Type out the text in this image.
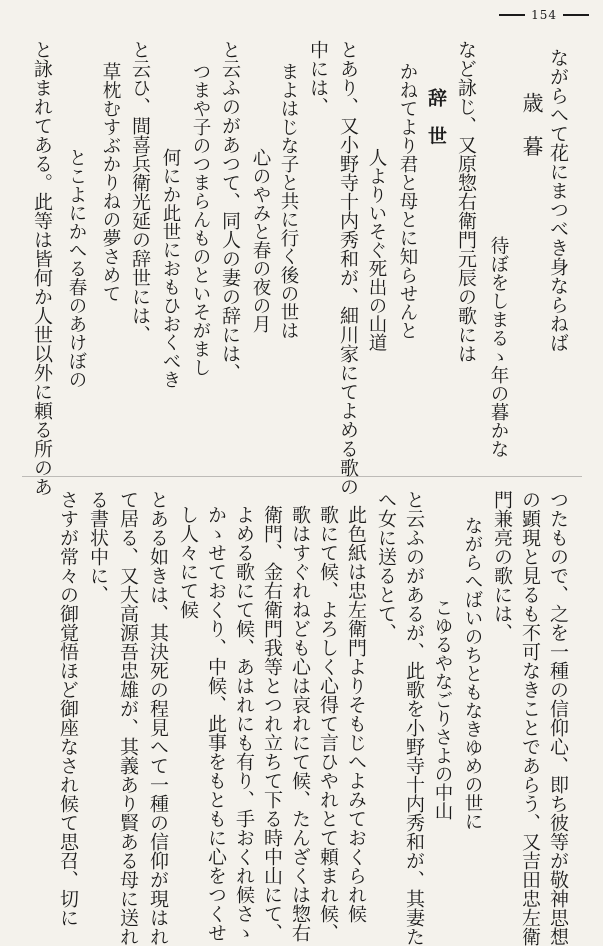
154
ながらへて花にまつべき身ならねば
歳 暮
待ぼをしまるゝ年の暮かな
など詠じ、又原惣右衛門元辰の歌には
辞　世
かねてより君と母とに知らせんと
人よりいそぐ死出の山道
とあり、又小野寺十内秀和が、細川家にてよめる歌の
中には、
まよはじな子と共に行く後の世は
心のやみと春の夜の月
と云ふのがあつて、同人の妻の辞には、
つまや子のつまらんものといそがまし
何にか此世におもひおくべき
と云ひ、間喜兵衛光延の辞世には、
草枕むすぶかりねの夢さめて
とこよにかへる春のあけぼの
と詠まれてある。此等は皆何か人世以外に頼る所のあ
つたもので、之を一種の信仰心、即ち彼等が敬神思想
の顕現と見るも不可なきことであらう、又吉田忠左衛
門兼亮の歌には、
ながらへばいのちともなきゆめの世に
こゆるやなごりさよの中山
と云ふのがあるが、此歌を小野寺十内秀和が、其妻た
へ女に送るとて、
此色紙は忠左衛門よりそもじへよみておくられ候
歌にて候、よろしく心得て言ひやれとて頼まれ候、
歌はすぐれねども心は哀れにて候、たんざくは惣右
衛門、金右衛門我等とつれ立ちて下る時中山にて、
よめる歌にて候、あはれにも有り、手おくれ候さゝ
かゝせておくり、中候、此事をもともに心をつくせ
し人々にて候
とある如きは、其決死の程見へて一種の信仰が現はれ
て居る、又大高源吾忠雄が、其義あり賢ある母に送れ
る書状中に、
さすが常々の御覚悟ほど御座なされ候て思召、切に
